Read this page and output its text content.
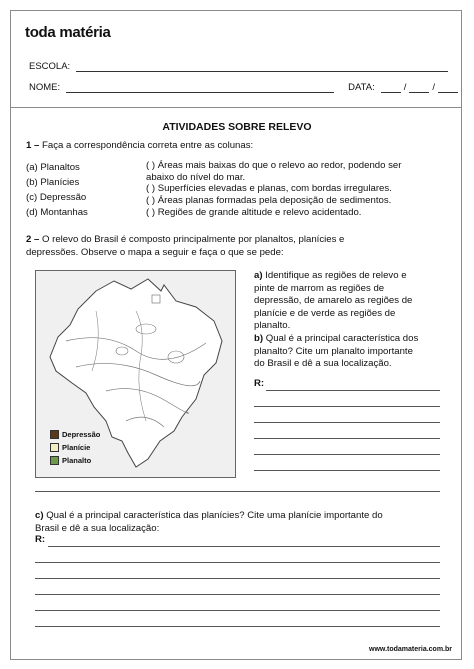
toda matéria
ESCOLA:
NOME:	DATA:	/	/
ATIVIDADES SOBRE RELEVO
1 – Faça a correspondência correta entre as colunas:
(a) Planaltos
(b) Planícies
(c) Depressão
(d) Montanhas
( ) Áreas mais baixas do que o relevo ao redor, podendo ser
abaixo do nível do mar.
( ) Superfícies elevadas e planas, com bordas irregulares.
( ) Áreas planas formadas pela deposição de sedimentos.
( ) Regiões de grande altitude e relevo acidentado.
2 – O relevo do Brasil é composto principalmente por planaltos, planícies e
depressões. Observe o mapa a seguir e faça o que se pede:
Depressão
Planície
Planalto
a) Identifique as regiões de relevo e
pinte de marrom as regiões de
depressão, de amarelo as regiões de
planície e de verde as regiões de
planalto.
b) Qual é a principal característica dos
planalto? Cite um planalto importante
do Brasil e dê a sua localização.
R:
c) Qual é a principal característica das planícies? Cite uma planície importante do
Brasil e dê a sua localização:
R:
www.todamateria.com.br
